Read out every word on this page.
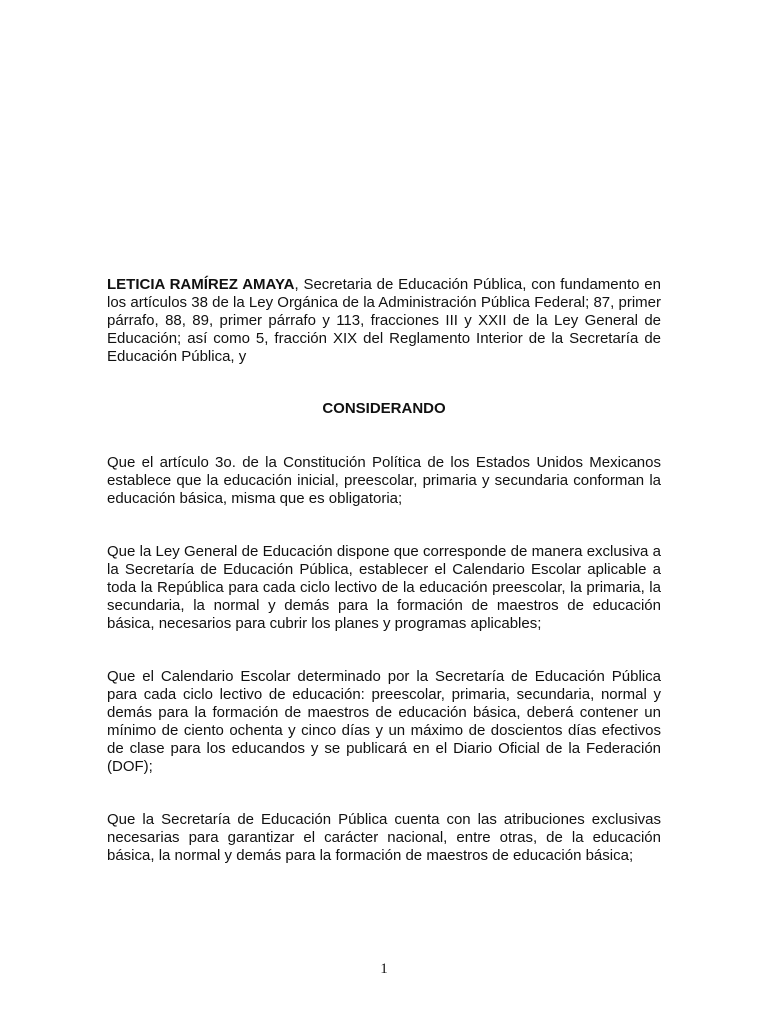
LETICIA RAMÍREZ AMAYA, Secretaria de Educación Pública, con fundamento en los artículos 38 de la Ley Orgánica de la Administración Pública Federal; 87, primer párrafo, 88, 89, primer párrafo y 113, fracciones III y XXII de la Ley General de Educación; así como 5, fracción XIX del Reglamento Interior de la Secretaría de Educación Pública, y
CONSIDERANDO
Que el artículo 3o. de la Constitución Política de los Estados Unidos Mexicanos establece que la educación inicial, preescolar, primaria y secundaria conforman la educación básica, misma que es obligatoria;
Que la Ley General de Educación dispone que corresponde de manera exclusiva a la Secretaría de Educación Pública, establecer el Calendario Escolar aplicable a toda la República para cada ciclo lectivo de la educación preescolar, la primaria, la secundaria, la normal y demás para la formación de maestros de educación básica, necesarios para cubrir los planes y programas aplicables;
Que el Calendario Escolar determinado por la Secretaría de Educación Pública para cada ciclo lectivo de educación: preescolar, primaria, secundaria, normal y demás para la formación de maestros de educación básica, deberá contener un mínimo de ciento ochenta y cinco días y un máximo de doscientos días efectivos de clase para los educandos y se publicará en el Diario Oficial de la Federación (DOF);
Que la Secretaría de Educación Pública cuenta con las atribuciones exclusivas necesarias para garantizar el carácter nacional, entre otras, de la educación básica, la normal y demás para la formación de maestros de educación básica;
1
